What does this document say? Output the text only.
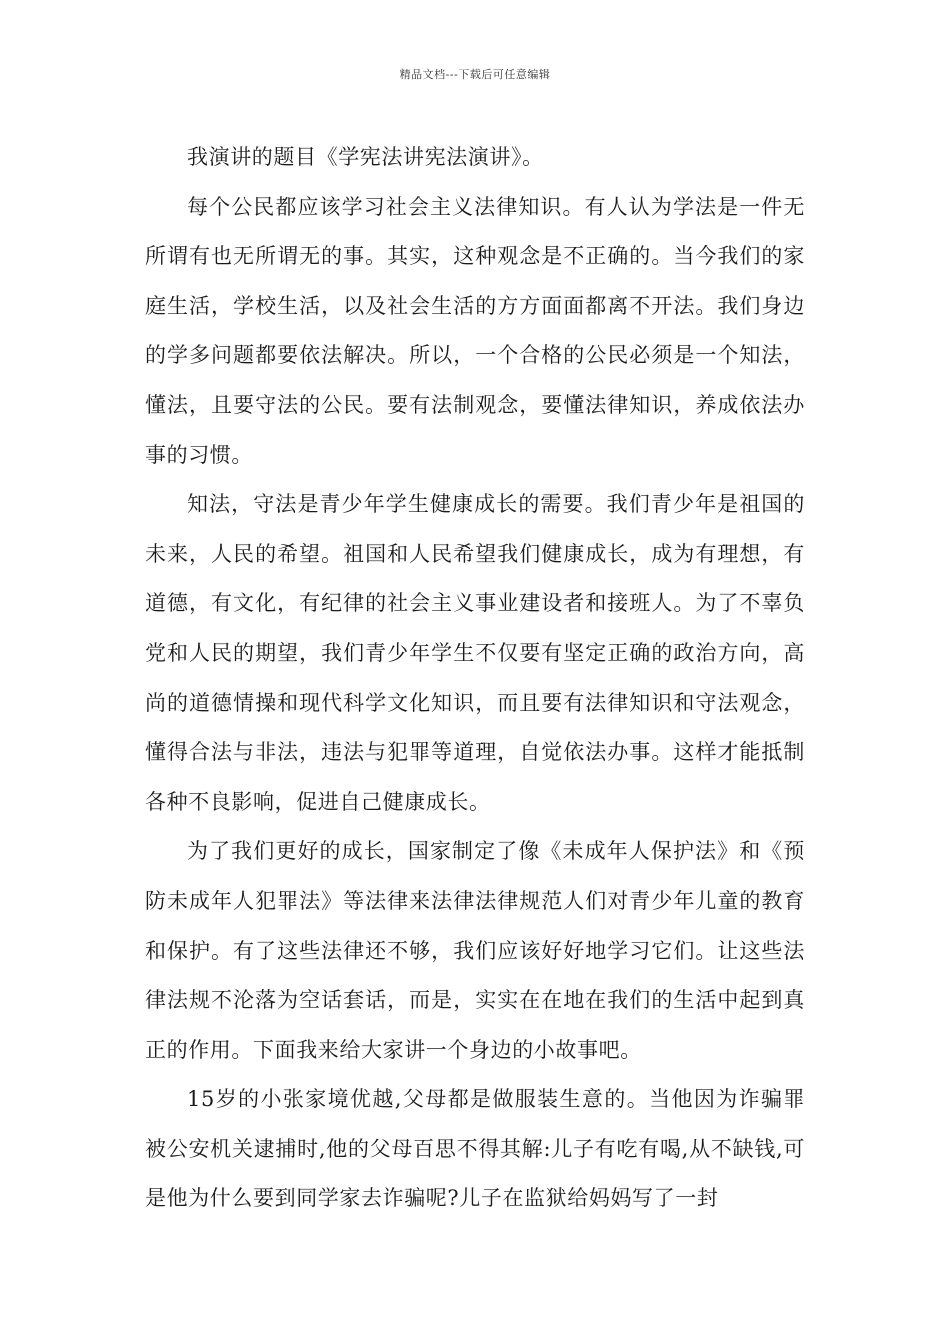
精品文档---下载后可任意编辑

我演讲的题目《学宪法讲宪法演讲》。

每个公民都应该学习社会主义法律知识。有人认为学法是一件无所谓有也无所谓无的事。其实，这种观念是不正确的。当今我们的家庭生活，学校生活，以及社会生活的方方面面都离不开法。我们身边的学多问题都要依法解决。所以，一个合格的公民必须是一个知法，懂法，且要守法的公民。要有法制观念，要懂法律知识，养成依法办事的习惯。

知法，守法是青少年学生健康成长的需要。我们青少年是祖国的未来，人民的希望。祖国和人民希望我们健康成长，成为有理想，有道德，有文化，有纪律的社会主义事业建设者和接班人。为了不辜负党和人民的期望，我们青少年学生不仅要有坚定正确的政治方向，高尚的道德情操和现代科学文化知识，而且要有法律知识和守法观念，懂得合法与非法，违法与犯罪等道理，自觉依法办事。这样才能抵制各种不良影响，促进自己健康成长。

为了我们更好的成长，国家制定了像《未成年人保护法》和《预防未成年人犯罪法》等法律来法律法律规范人们对青少年儿童的教育和保护。有了这些法律还不够，我们应该好好地学习它们。让这些法律法规不沦落为空话套话，而是，实实在在地在我们的生活中起到真正的作用。下面我来给大家讲一个身边的小故事吧。

15岁的小张家境优越,父母都是做服装生意的。当他因为诈骗罪被公安机关逮捕时,他的父母百思不得其解:儿子有吃有喝,从不缺钱,可是他为什么要到同学家去诈骗呢?儿子在监狱给妈妈写了一封
